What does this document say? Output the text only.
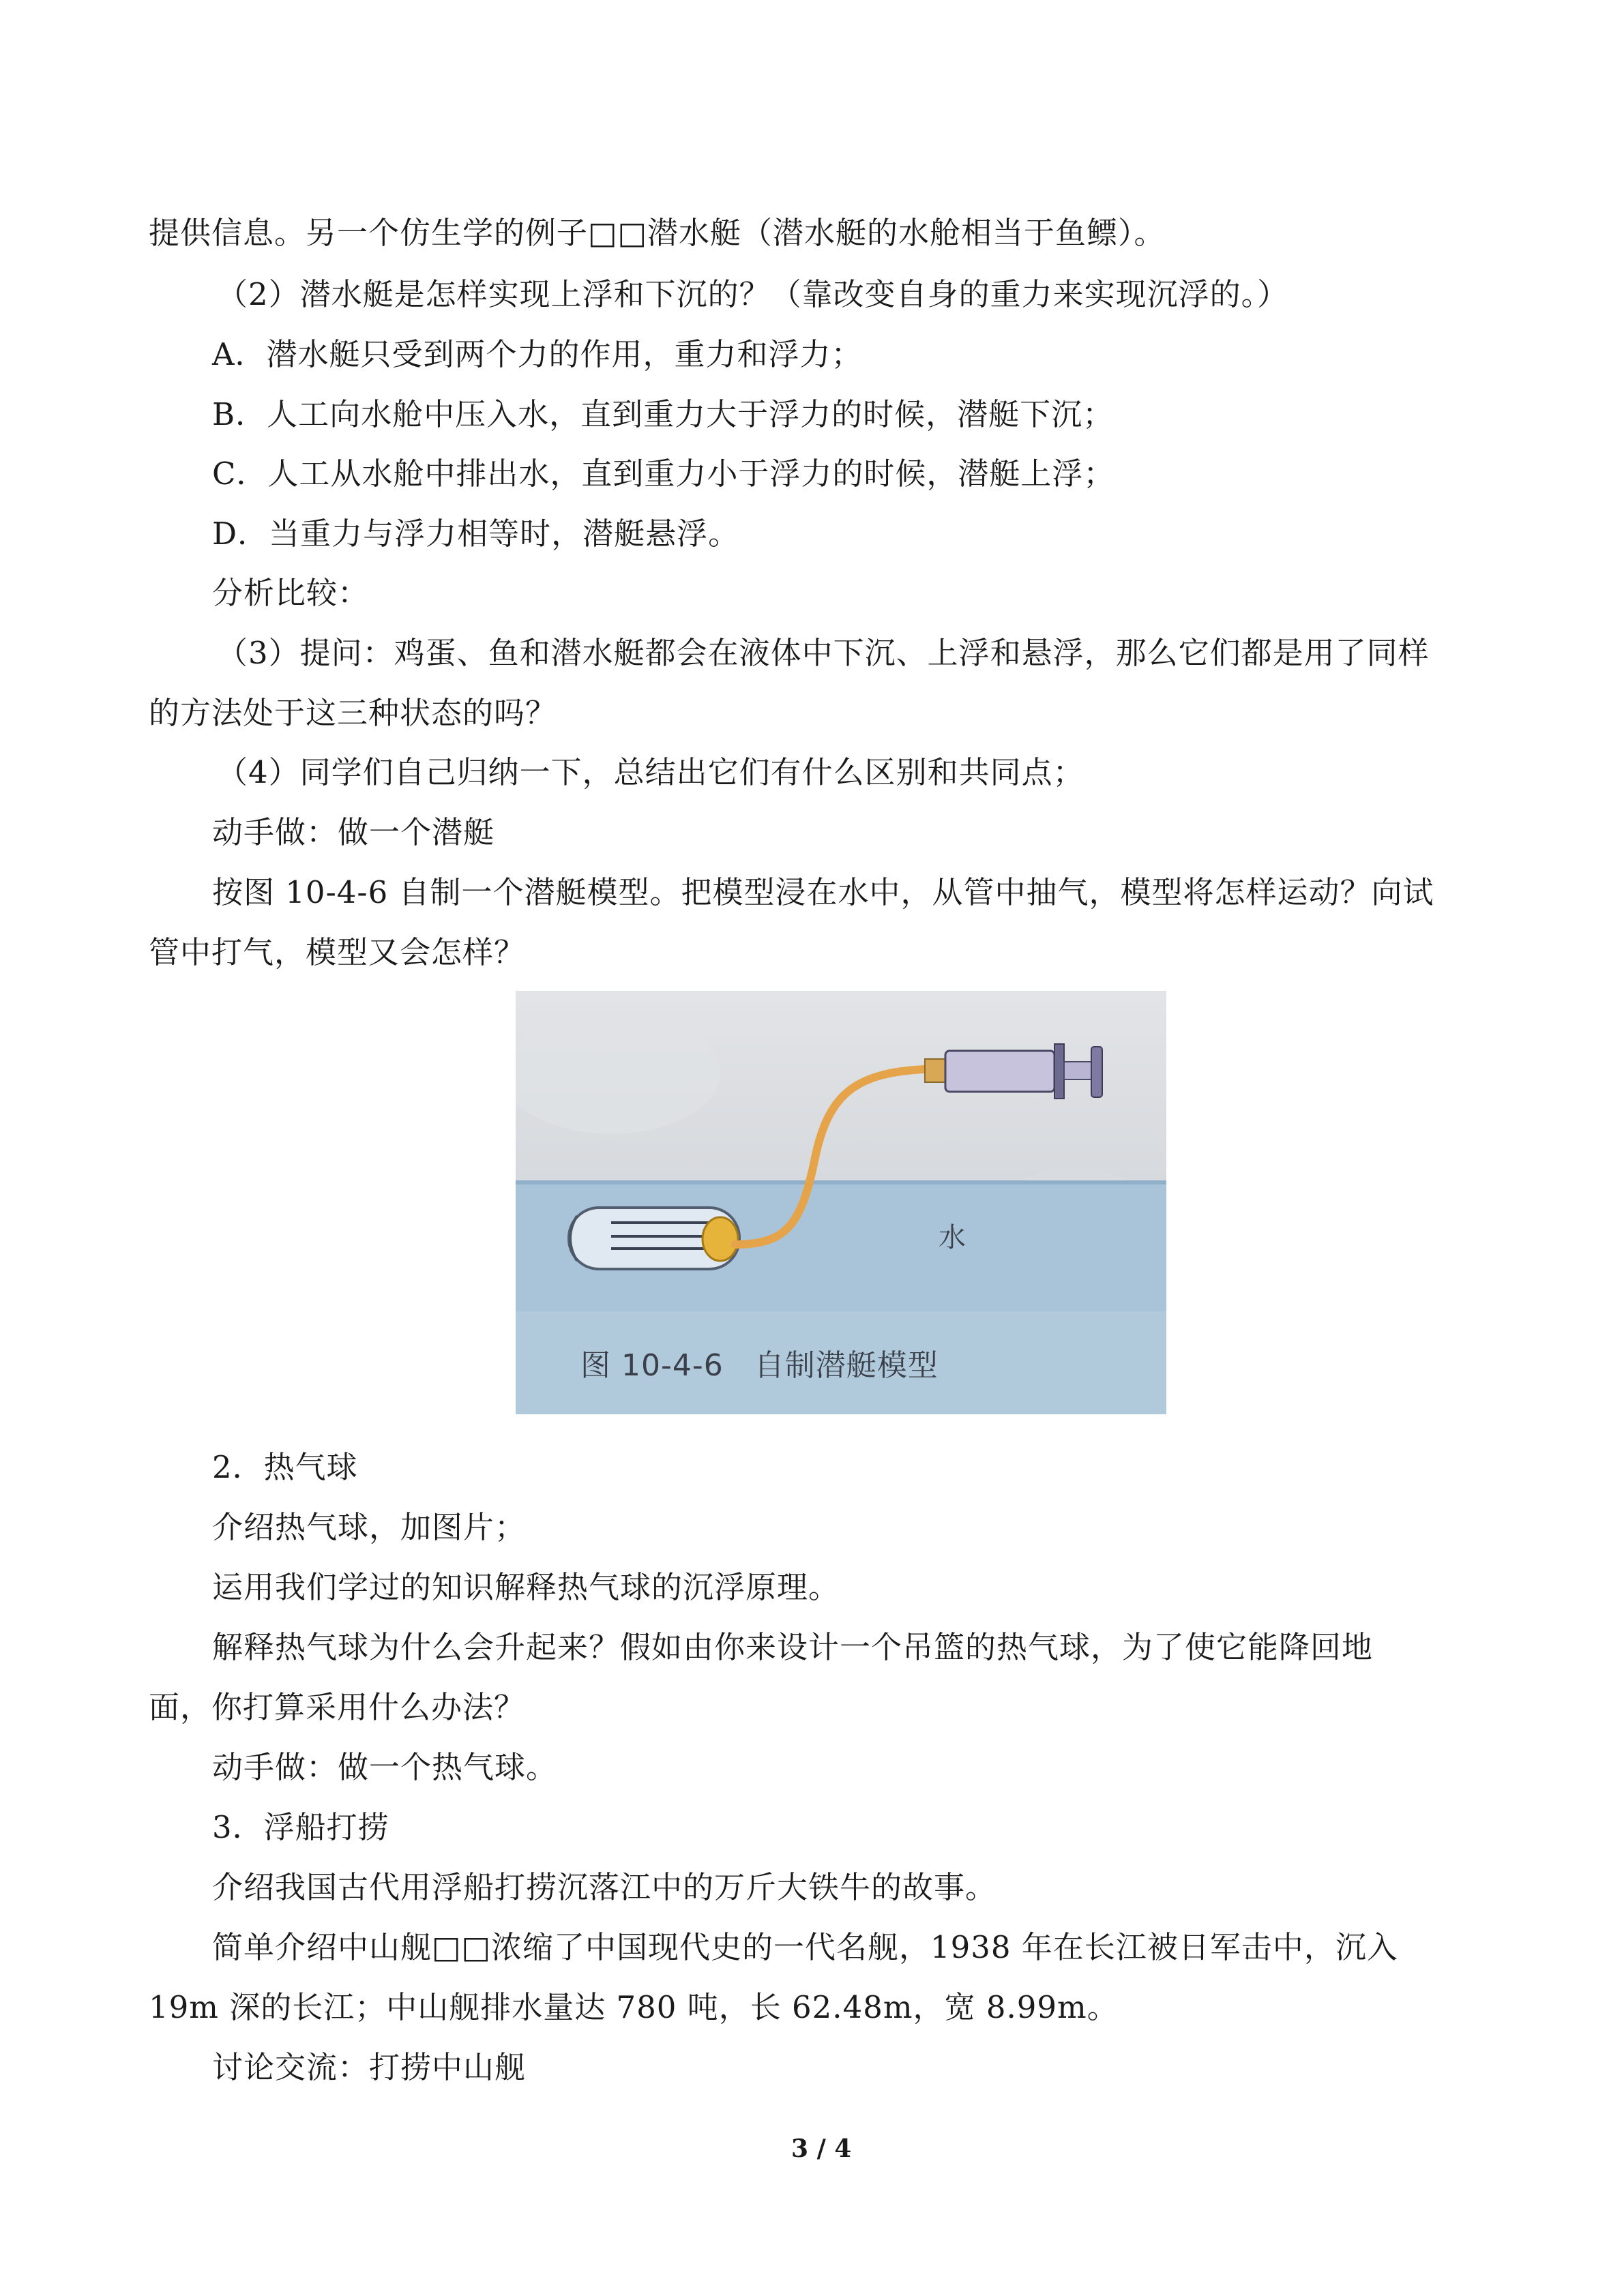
提供信息。另一个仿生学的例子□□潜水艇（潜水艇的水舱相当于鱼鳔）。
（2）潜水艇是怎样实现上浮和下沉的？（靠改变自身的重力来实现沉浮的。）
A．潜水艇只受到两个力的作用，重力和浮力；
B．人工向水舱中压入水，直到重力大于浮力的时候，潜艇下沉；
C．人工从水舱中排出水，直到重力小于浮力的时候，潜艇上浮；
D．当重力与浮力相等时，潜艇悬浮。
分析比较：
（3）提问：鸡蛋、鱼和潜水艇都会在液体中下沉、上浮和悬浮，那么它们都是用了同样
的方法处于这三种状态的吗？
（4）同学们自己归纳一下，总结出它们有什么区别和共同点；
动手做：做一个潜艇
按图 10-4-6 自制一个潜艇模型。把模型浸在水中，从管中抽气，模型将怎样运动？向试
管中打气，模型又会怎样？
水
图 10-4-6　自制潜艇模型
2．热气球
介绍热气球，加图片；
运用我们学过的知识解释热气球的沉浮原理。
解释热气球为什么会升起来？假如由你来设计一个吊篮的热气球，为了使它能降回地
面，你打算采用什么办法？
动手做：做一个热气球。
3．浮船打捞
介绍我国古代用浮船打捞沉落江中的万斤大铁牛的故事。
简单介绍中山舰□□浓缩了中国现代史的一代名舰，1938 年在长江被日军击中，沉入
19m 深的长江；中山舰排水量达 780 吨，长 62.48m，宽 8.99m。
讨论交流：打捞中山舰
3 / 4
